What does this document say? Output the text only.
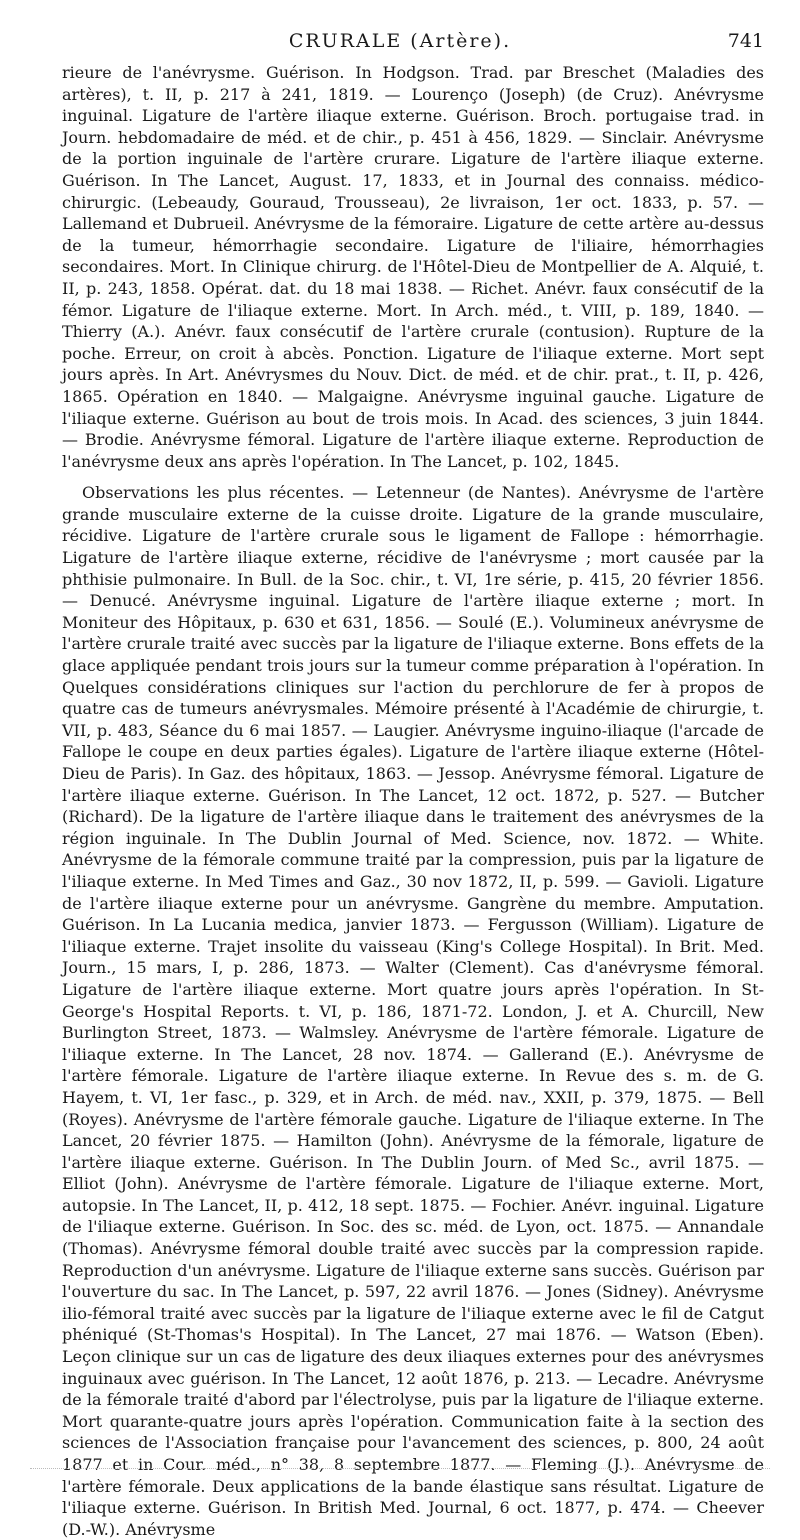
CRURALE (Artère).	741

rieure de l'anévrysme. Guérison. In Hodgson. Trad. par Breschet (Maladies des artères), t. II, p. 217 à 241, 1819. — Lourenço (Joseph) (de Cruz). Anévrysme inguinal. Ligature de l'artère iliaque externe. Guérison. Broch. portugaise trad. in Journ. hebdomadaire de méd. et de chir., p. 451 à 456, 1829. — Sinclair. Anévrysme de la portion inguinale de l'artère crurare. Ligature de l'artère iliaque externe. Guérison. In The Lancet, August. 17, 1833, et in Journal des connaiss. médico-chirurgic. (Lebeaudy, Gouraud, Trousseau), 2e livraison, 1er oct. 1833, p. 57. — Lallemand et Dubrueil. Anévrysme de la fémoraire. Ligature de cette artère au-dessus de la tumeur, hémorrhagie secondaire. Ligature de l'iliaire, hémorrhagies secondaires. Mort. In Clinique chirurg. de l'Hôtel-Dieu de Montpellier de A. Alquié, t. II, p. 243, 1858. Opérat. dat. du 18 mai 1838. — Richet. Anévr. faux consécutif de la fémor. Ligature de l'iliaque externe. Mort. In Arch. méd., t. VIII, p. 189, 1840. — Thierry (A.). Anévr. faux consécutif de l'artère crurale (contusion). Rupture de la poche. Erreur, on croit à abcès. Ponction. Ligature de l'iliaque externe. Mort sept jours après. In Art. Anévrysmes du Nouv. Dict. de méd. et de chir. prat., t. II, p. 426, 1865. Opération en 1840. — Malgaigne. Anévrysme inguinal gauche. Ligature de l'iliaque externe. Guérison au bout de trois mois. In Acad. des sciences, 3 juin 1844. — Brodie. Anévrysme fémoral. Ligature de l'artère iliaque externe. Reproduction de l'anévrysme deux ans après l'opération. In The Lancet, p. 102, 1845.

Observations les plus récentes. — Letenneur (de Nantes). Anévrysme de l'artère grande musculaire externe de la cuisse droite. Ligature de la grande musculaire, récidive. Ligature de l'artère crurale sous le ligament de Fallope : hémorrhagie. Ligature de l'artère iliaque externe, récidive de l'anévrysme ; mort causée par la phthisie pulmonaire. In Bull. de la Soc. chir., t. VI, 1re série, p. 415, 20 février 1856. — Denucé. Anévrysme inguinal. Ligature de l'artère iliaque externe ; mort. In Moniteur des Hôpitaux, p. 630 et 631, 1856. — Soulé (E.). Volumineux anévrysme de l'artère crurale traité avec succès par la ligature de l'iliaque externe. Bons effets de la glace appliquée pendant trois jours sur la tumeur comme préparation à l'opération. In Quelques considérations cliniques sur l'action du perchlorure de fer à propos de quatre cas de tumeurs anévrysmales. Mémoire présenté à l'Académie de chirurgie, t. VII, p. 483, Séance du 6 mai 1857. — Laugier. Anévrysme inguino-iliaque (l'arcade de Fallope le coupe en deux parties égales). Ligature de l'artère iliaque externe (Hôtel-Dieu de Paris). In Gaz. des hôpitaux, 1863. — Jessop. Anévrysme fémoral. Ligature de l'artère iliaque externe. Guérison. In The Lancet, 12 oct. 1872, p. 527. — Butcher (Richard). De la ligature de l'artère iliaque dans le traitement des anévrysmes de la région inguinale. In The Dublin Journal of Med. Science, nov. 1872. — White. Anévrysme de la fémorale commune traité par la compression, puis par la ligature de l'iliaque externe. In Med Times and Gaz., 30 nov 1872, II, p. 599. — Gavioli. Ligature de l'artère iliaque externe pour un anévrysme. Gangrène du membre. Amputation. Guérison. In La Lucania medica, janvier 1873. — Fergusson (William). Ligature de l'iliaque externe. Trajet insolite du vaisseau (King's College Hospital). In Brit. Med. Journ., 15 mars, I, p. 286, 1873. — Walter (Clement). Cas d'anévrysme fémoral. Ligature de l'artère iliaque externe. Mort quatre jours après l'opération. In St-George's Hospital Reports. t. VI, p. 186, 1871-72. London, J. et A. Churcill, New Burlington Street, 1873. — Walmsley. Anévrysme de l'artère fémorale. Ligature de l'iliaque externe. In The Lancet, 28 nov. 1874. — Gallerand (E.). Anévrysme de l'artère fémorale. Ligature de l'artère iliaque externe. In Revue des s. m. de G. Hayem, t. VI, 1er fasc., p. 329, et in Arch. de méd. nav., XXII, p. 379, 1875. — Bell (Royes). Anévrysme de l'artère fémorale gauche. Ligature de l'iliaque externe. In The Lancet, 20 février 1875. — Hamilton (John). Anévrysme de la fémorale, ligature de l'artère iliaque externe. Guérison. In The Dublin Journ. of Med Sc., avril 1875. — Elliot (John). Anévrysme de l'artère fémorale. Ligature de l'iliaque externe. Mort, autopsie. In The Lancet, II, p. 412, 18 sept. 1875. — Fochier. Anévr. inguinal. Ligature de l'iliaque externe. Guérison. In Soc. des sc. méd. de Lyon, oct. 1875. — Annandale (Thomas). Anévrysme fémoral double traité avec succès par la compression rapide. Reproduction d'un anévrysme. Ligature de l'iliaque externe sans succès. Guérison par l'ouverture du sac. In The Lancet, p. 597, 22 avril 1876. — Jones (Sidney). Anévrysme ilio-fémoral traité avec succès par la ligature de l'iliaque externe avec le fil de Catgut phéniqué (St-Thomas's Hospital). In The Lancet, 27 mai 1876. — Watson (Eben). Leçon clinique sur un cas de ligature des deux iliaques externes pour des anévrysmes inguinaux avec guérison. In The Lancet, 12 août 1876, p. 213. — Lecadre. Anévrysme de la fémorale traité d'abord par l'électrolyse, puis par la ligature de l'iliaque externe. Mort quarante-quatre jours après l'opération. Communication faite à la section des sciences de l'Association française pour l'avancement des sciences, p. 800, 24 août 1877 et in Cour. méd., n° 38, 8 septembre 1877. — Fleming (J.). Anévrysme de l'artère fémorale. Deux applications de la bande élastique sans résultat. Ligature de l'iliaque externe. Guérison. In British Med. Journal, 6 oct. 1877, p. 474. — Cheever (D.-W.). Anévrysme
